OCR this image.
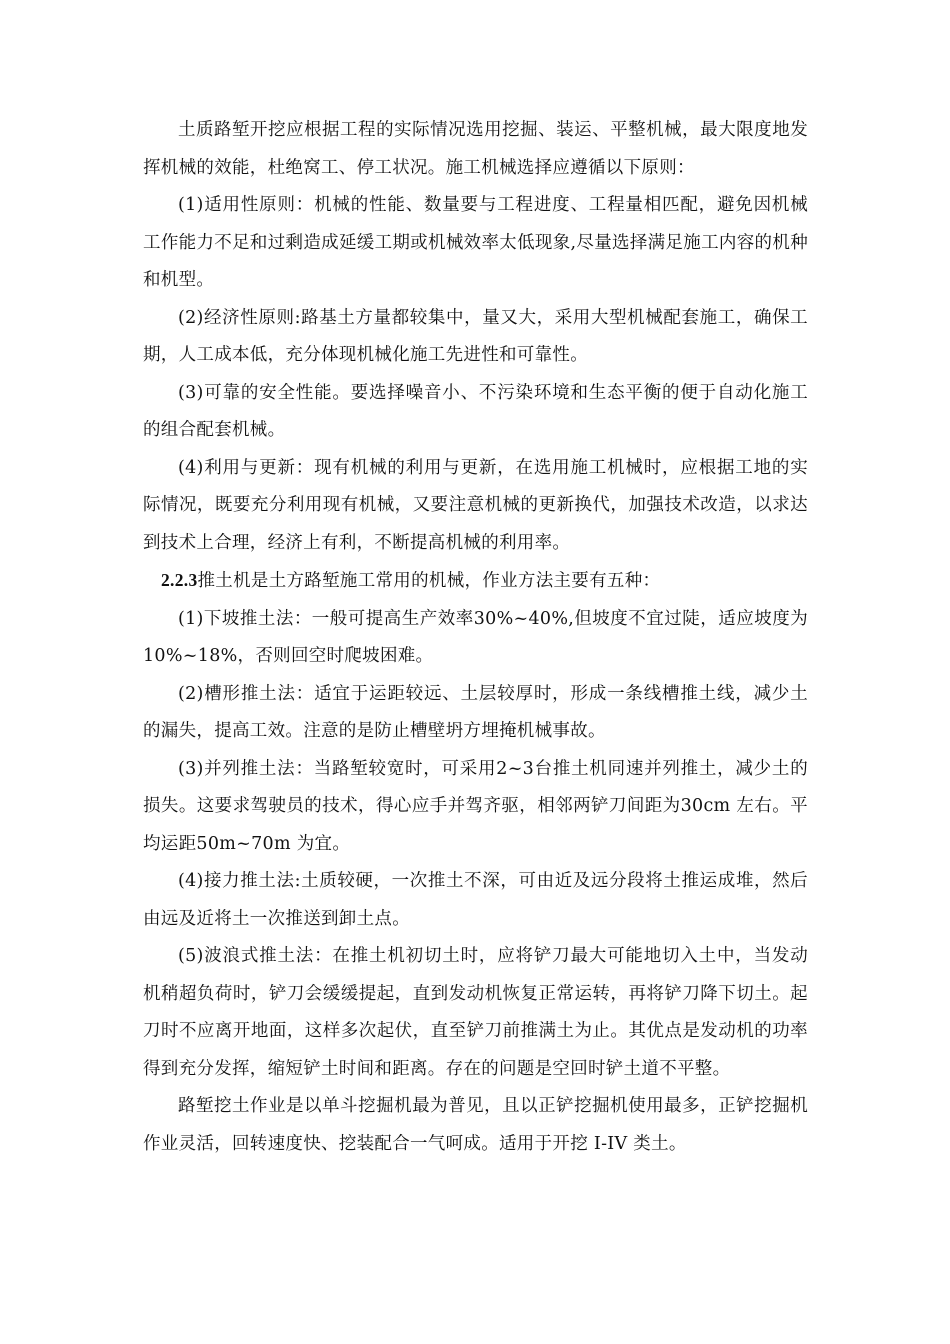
土质路堑开挖应根据工程的实际情况选用挖掘、装运、平整机械，最大限度地发挥机械的效能，杜绝窝工、停工状况。施工机械选择应遵循以下原则：

(1)适用性原则：机械的性能、数量要与工程进度、工程量相匹配，避免因机械工作能力不足和过剩造成延缓工期或机械效率太低现象,尽量选择满足施工内容的机种和机型。

(2)经济性原则:路基土方量都较集中，量又大，采用大型机械配套施工，确保工期，人工成本低，充分体现机械化施工先进性和可靠性。

(3)可靠的安全性能。要选择噪音小、不污染环境和生态平衡的便于自动化施工的组合配套机械。

(4)利用与更新：现有机械的利用与更新，在选用施工机械时，应根据工地的实际情况，既要充分利用现有机械，又要注意机械的更新换代，加强技术改造，以求达到技术上合理，经济上有利，不断提高机械的利用率。

2.2.3推土机是土方路堑施工常用的机械，作业方法主要有五种：

(1)下坡推土法：一般可提高生产效率30%~40%,但坡度不宜过陡，适应坡度为10%~18%，否则回空时爬坡困难。

(2)槽形推土法：适宜于运距较远、土层较厚时，形成一条线槽推土线，减少土的漏失，提高工效。注意的是防止槽壁坍方埋掩机械事故。

(3)并列推土法：当路堑较宽时，可采用2~3台推土机同速并列推土，减少土的损失。这要求驾驶员的技术，得心应手并驾齐驱，相邻两铲刀间距为30cm 左右。平均运距50m~70m 为宜。

(4)接力推土法:土质较硬，一次推土不深，可由近及远分段将土推运成堆，然后由远及近将土一次推送到卸土点。

(5)波浪式推土法：在推土机初切土时，应将铲刀最大可能地切入土中，当发动机稍超负荷时，铲刀会缓缓提起，直到发动机恢复正常运转，再将铲刀降下切土。起刀时不应离开地面，这样多次起伏，直至铲刀前推满土为止。其优点是发动机的功率得到充分发挥，缩短铲土时间和距离。存在的问题是空回时铲土道不平整。

路堑挖土作业是以单斗挖掘机最为普见，且以正铲挖掘机使用最多，正铲挖掘机作业灵活，回转速度快、挖装配合一气呵成。适用于开挖 I-IV 类土。
